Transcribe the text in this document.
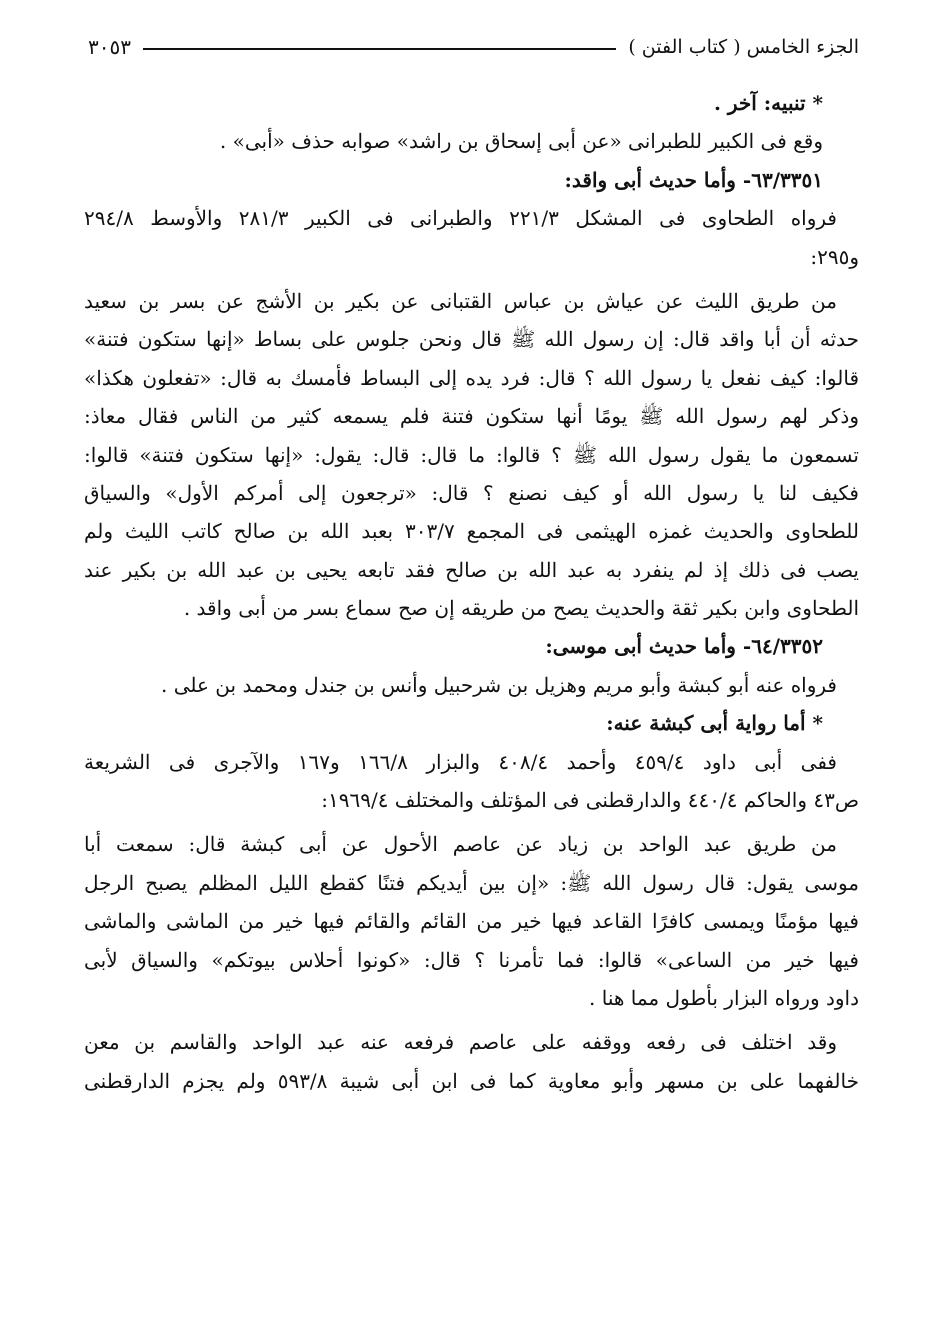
الجزء الخامس ( كتاب الفتن )
٣٠٥٣
* تنبيه: آخر .
وقع فى الكبير للطبرانى «عن أبى إسحاق بن راشد» صوابه حذف «أبى» .
٦٣/٣٣٥١- وأما حديث أبى واقد:
فرواه الطحاوى فى المشكل ٢٢١/٣ والطبرانى فى الكبير ٢٨١/٣ والأوسط ٢٩٤/٨
و٢٩٥:
من طريق الليث عن عياش بن عباس القتبانى عن بكير بن الأشج عن بسر بن سعيد
حدثه أن أبا واقد قال: إن رسول الله ﷺ قال ونحن جلوس على بساط «إنها ستكون فتنة»
قالوا: كيف نفعل يا رسول الله ؟ قال: فرد يده إلى البساط فأمسك به قال: «تفعلون هكذا»
وذكر لهم رسول الله ﷺ يومًا أنها ستكون فتنة فلم يسمعه كثير من الناس فقال معاذ:
تسمعون ما يقول رسول الله ﷺ ؟ قالوا: ما قال: قال: يقول: «إنها ستكون فتنة» قالوا:
فكيف لنا يا رسول الله أو كيف نصنع ؟ قال: «ترجعون إلى أمركم الأول» والسياق
للطحاوى والحديث غمزه الهيثمى فى المجمع ٣٠٣/٧ بعبد الله بن صالح كاتب الليث ولم
يصب فى ذلك إذ لم ينفرد به عبد الله بن صالح فقد تابعه يحيى بن عبد الله بن بكير عند
الطحاوى وابن بكير ثقة والحديث يصح من طريقه إن صح سماع بسر من أبى واقد .
٦٤/٣٣٥٢- وأما حديث أبى موسى:
فرواه عنه أبو كبشة وأبو مريم وهزيل بن شرحبيل وأنس بن جندل ومحمد بن على .
* أما رواية أبى كبشة عنه:
ففى أبى داود ٤٥٩/٤ وأحمد ٤٠٨/٤ والبزار ١٦٦/٨ و١٦٧ والآجرى فى الشريعة
ص٤٣ والحاكم ٤٤٠/٤ والدارقطنى فى المؤتلف والمختلف ١٩٦٩/٤:
من طريق عبد الواحد بن زياد عن عاصم الأحول عن أبى كبشة قال: سمعت أبا
موسى يقول: قال رسول الله ﷺ: «إن بين أيديكم فتنًا كقطع الليل المظلم يصبح الرجل
فيها مؤمنًا ويمسى كافرًا القاعد فيها خير من القائم والقائم فيها خير من الماشى والماشى
فيها خير من الساعى» قالوا: فما تأمرنا ؟ قال: «كونوا أحلاس بيوتكم» والسياق لأبى
داود ورواه البزار بأطول مما هنا .
وقد اختلف فى رفعه ووقفه على عاصم فرفعه عنه عبد الواحد والقاسم بن معن
خالفهما على بن مسهر وأبو معاوية كما فى ابن أبى شيبة ٥٩٣/٨ ولم يجزم الدارقطنى
